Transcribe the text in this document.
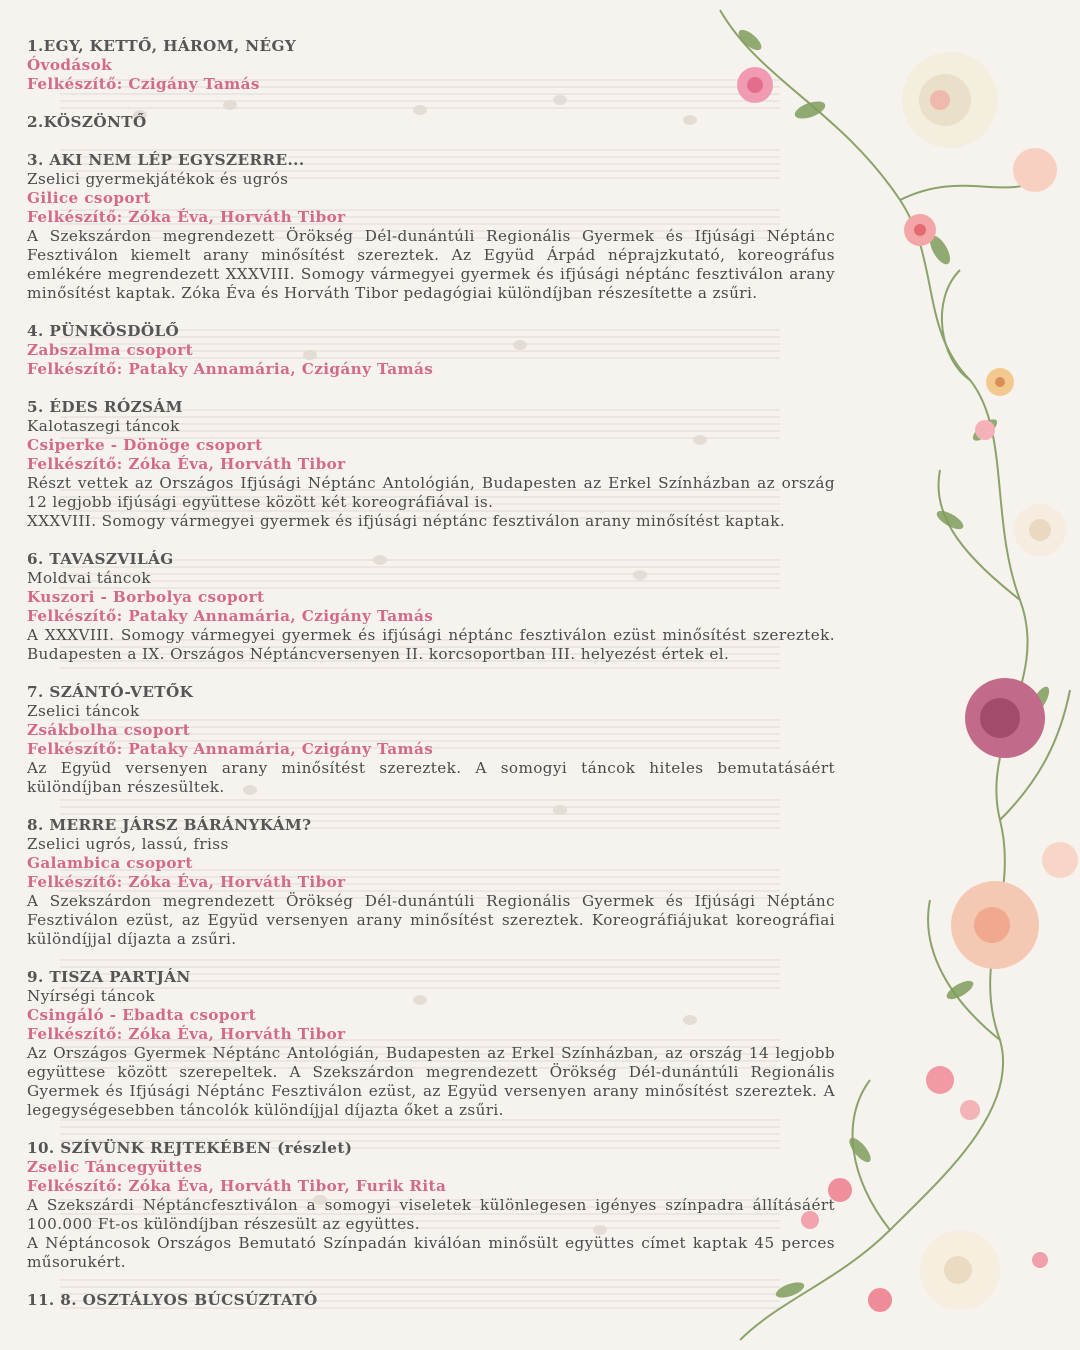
1.EGY, KETTŐ, HÁROM, NÉGY
Óvodások
Felkészítő: Czigány Tamás
2.KÖSZÖNTŐ
3. AKI NEM LÉP EGYSZERRE...
Zselici gyermekjátékok és ugrós
Gilice csoport
Felkészítő: Zóka Éva, Horváth Tibor
A Szekszárdon megrendezett Örökség Dél-dunántúli Regionális Gyermek és Ifjúsági Néptánc Fesztiválon kiemelt arany minősítést szereztek. Az Együd Árpád néprajzkutató, koreográfus emlékére megrendezett XXXVIII. Somogy vármegyei gyermek és ifjúsági néptánc fesztiválon arany minősítést kaptak. Zóka Éva és Horváth Tibor pedagógiai különdíjban részesítette a zsűri.
4. PÜNKÖSDÖLŐ
Zabszalma csoport
Felkészítő: Pataky Annamária, Czigány Tamás
5. ÉDES RÓZSÁM
Kalotaszegi táncok
Csiperke - Dönöge csoport
Felkészítő: Zóka Éva, Horváth Tibor
Részt vettek az Országos Ifjúsági Néptánc Antológián, Budapesten az Erkel Színházban az ország 12 legjobb ifjúsági együttese között két koreográfiával is.
XXXVIII. Somogy vármegyei gyermek és ifjúsági néptánc fesztiválon arany minősítést kaptak.
6. TAVASZVILÁG
Moldvai táncok
Kuszori - Borbolya csoport
Felkészítő: Pataky Annamária, Czigány Tamás
A XXXVIII. Somogy vármegyei gyermek és ifjúsági néptánc fesztiválon ezüst minősítést szereztek. Budapesten a IX. Országos Néptáncversenyen II. korcsoportban III. helyezést értek el.
7. SZÁNTÓ-VETŐK
Zselici táncok
Zsákbolha csoport
Felkészítő: Pataky Annamária, Czigány Tamás
Az Együd versenyen arany minősítést szereztek. A somogyi táncok hiteles bemutatásáért különdíjban részesültek.
8. MERRE JÁRSZ BÁRÁNYKÁM?
Zselici ugrós, lassú, friss
Galambica csoport
Felkészítő: Zóka Éva, Horváth Tibor
A Szekszárdon megrendezett Örökség Dél-dunántúli Regionális Gyermek és Ifjúsági Néptánc Fesztiválon ezüst, az Együd versenyen arany minősítést szereztek. Koreográfiájukat koreográfiai különdíjjal díjazta a zsűri.
9. TISZA PARTJÁN
Nyírségi táncok
Csingáló - Ebadta csoport
Felkészítő: Zóka Éva, Horváth Tibor
Az Országos Gyermek Néptánc Antológián, Budapesten az Erkel Színházban, az ország 14 legjobb együttese között szerepeltek. A Szekszárdon megrendezett Örökség Dél-dunántúli Regionális Gyermek és Ifjúsági Néptánc Fesztiválon ezüst, az Együd versenyen arany minősítést szereztek. A legegységesebben táncolók különdíjjal díjazta őket a zsűri.
10. SZÍVÜNK REJTEKÉBEN (részlet)
Zselic Táncegyüttes
Felkészítő: Zóka Éva, Horváth Tibor, Furik Rita
A Szekszárdi Néptáncfesztiválon a somogyi viseletek különlegesen igényes színpadra állításáért 100.000 Ft-os különdíjban részesült az együttes.
A Néptáncosok Országos Bemutató Színpadán kiválóan minősült együttes címet kaptak 45 perces műsorukért.
11. 8. OSZTÁLYOS BÚCSÚZTATÓ
